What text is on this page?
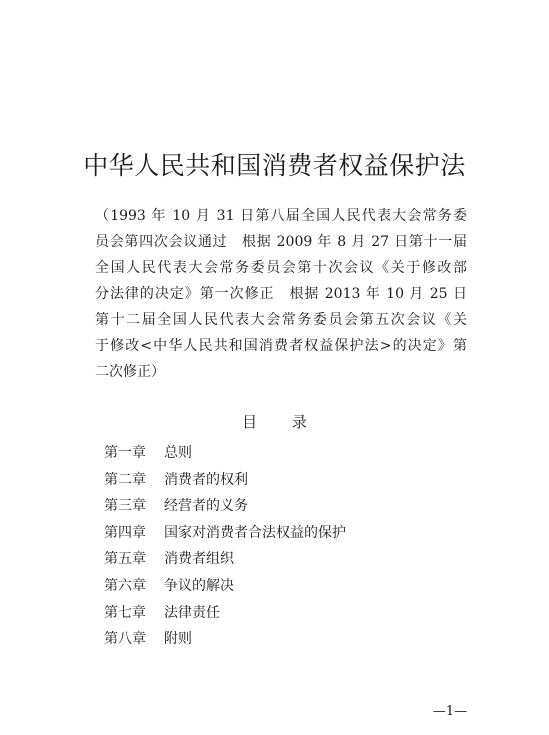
中华人民共和国消费者权益保护法
（1993 年 10 月 31 日第八届全国人民代表大会常务委
员会第四次会议通过　根据 2009 年 8 月 27 日第十一届
全国人民代表大会常务委员会第十次会议《关于修改部
分法律的决定》第一次修正　根据 2013 年 10 月 25 日
第十二届全国人民代表大会常务委员会第五次会议《关
于修改<中华人民共和国消费者权益保护法>的决定》第
二次修正）
目 录
第一章 总则
第二章 消费者的权利
第三章 经营者的义务
第四章 国家对消费者合法权益的保护
第五章 消费者组织
第六章 争议的解决
第七章 法律责任
第八章 附则
—1—
